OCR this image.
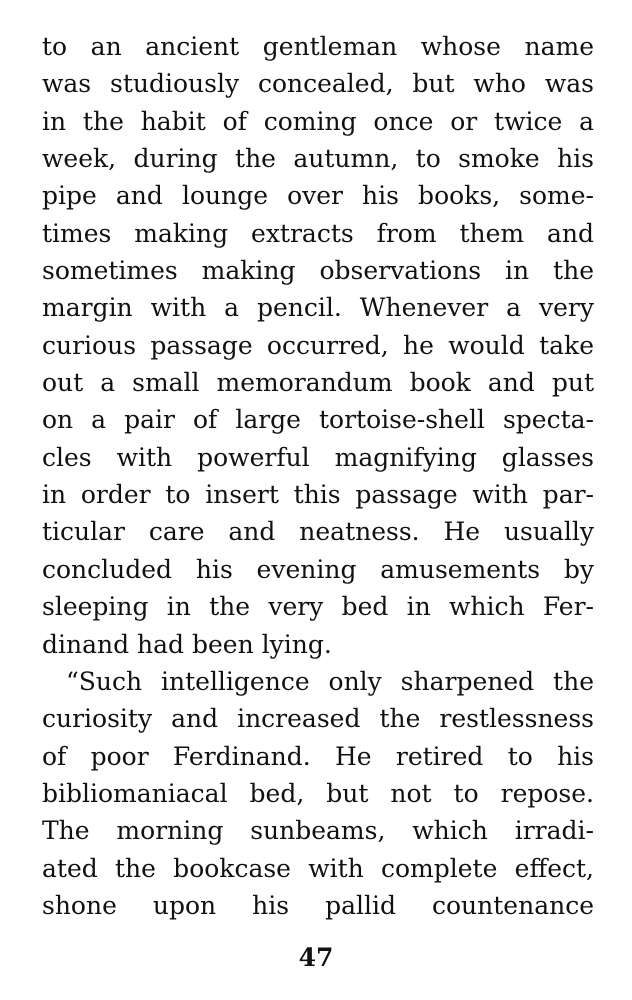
to an ancient gentleman whose name
was studiously concealed, but who was
in the habit of coming once or twice a
week, during the autumn, to smoke his
pipe and lounge over his books, some-
times making extracts from them and
sometimes making observations in the
margin with a pencil. Whenever a very
curious passage occurred, he would take
out a small memorandum book and put
on a pair of large tortoise-shell specta-
cles with powerful magnifying glasses
in order to insert this passage with par-
ticular care and neatness. He usually
concluded his evening amusements by
sleeping in the very bed in which Fer-
dinand had been lying.
“Such intelligence only sharpened the
curiosity and increased the restlessness
of poor Ferdinand. He retired to his
bibliomaniacal bed, but not to repose.
The morning sunbeams, which irradi-
ated the bookcase with complete effect,
shone upon his pallid countenance
47
